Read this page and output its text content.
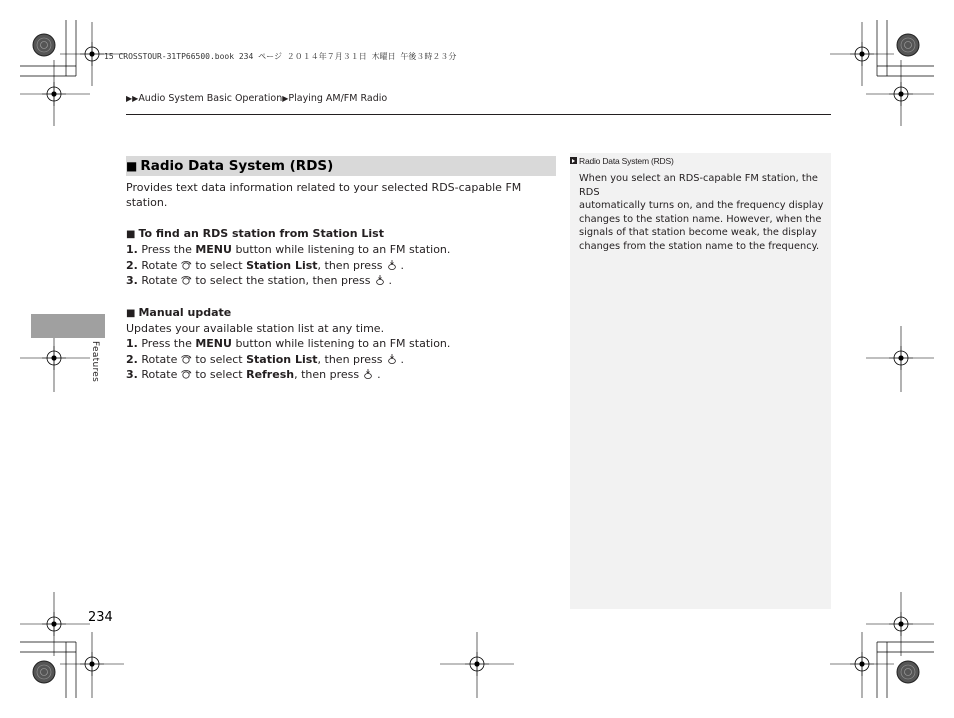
15 CROSSTOUR-31TP66500.book 234 ページ ２０１４年７月３１日 木曜日 午後３時２３分
▶▶Audio System Basic Operation▶Playing AM/FM Radio
Features
■ Radio Data System (RDS)
Provides text data information related to your selected RDS-capable FM station.
■ To find an RDS station from Station List
1. Press the MENU button while listening to an FM station.
2. Rotate to select Station List, then press .
3. Rotate to select the station, then press .
■ Manual update
Updates your available station list at any time.
1. Press the MENU button while listening to an FM station.
2. Rotate to select Station List, then press .
3. Rotate to select Refresh, then press .
Radio Data System (RDS)
When you select an RDS-capable FM station, the RDS
automatically turns on, and the frequency display
changes to the station name. However, when the
signals of that station become weak, the display
changes from the station name to the frequency.
234
